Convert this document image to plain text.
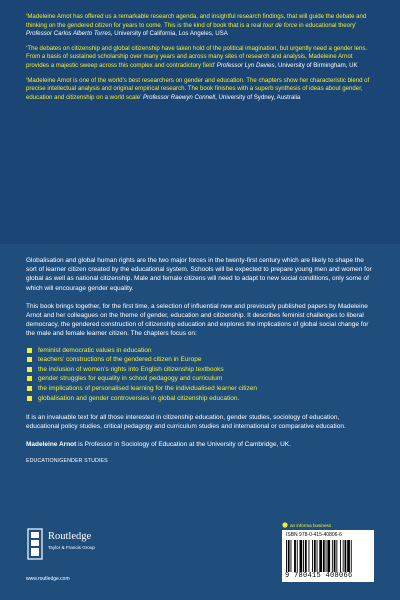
‘Madeleine Arnot has offered us a remarkable research agenda, and insightful research findings, that will guide the debate and thinking on the gendered citizen for years to come. This is the kind of book that is a real tour de force in educational theory’ Professor Carlos Alberto Torres, University of California, Los Angeles, USA
‘The debates on citizenship and global citizenship have taken hold of the political imagination, but urgently need a gender lens. From a basis of sustained scholarship over many years and across many sites of research and analysis, Madeleine Arnot provides a majestic sweep across this complex and contradictory field’ Professor Lyn Davies, University of Birmingham, UK
‘Madeleine Arnot is one of the world’s best researchers on gender and education. The chapters show her characteristic blend of precise intellectual analysis and original empirical research. The book finishes with a superb synthesis of ideas about gender, education and citizenship on a world scale’ Professor Raewyn Connell, University of Sydney, Australia

Globalisation and global human rights are the two major forces in the twenty-first century which are likely to shape the sort of learner citizen created by the educational system. Schools will be expected to prepare young men and women for global as well as national citizenship. Male and female citizens will need to adapt to new social conditions, only some of which will encourage gender equality.

This book brings together, for the first time, a selection of influential new and previously published papers by Madeleine Arnot and her colleagues on the theme of gender, education and citizenship. It describes feminist challenges to liberal democracy, the gendered construction of citizenship education and explores the implications of global social change for the male and female learner citizen. The chapters focus on:

feminist democratic values in education
teachers’ constructions of the gendered citizen in Europe
the inclusion of women’s rights into English citizenship textbooks
gender struggles for equality in school pedagogy and curriculum
the implications of personalised learning for the individualised learner citizen
globalisation and gender controversies in global citizenship education.

It is an invaluable text for all those interested in citizenship education, gender studies, sociology of education, educational policy studies, critical pedagogy and curriculum studies and international or comparative education.

Madeleine Arnot is Professor in Sociology of Education at the University of Cambridge, UK.

EDUCATION/GENDER STUDIES
Routledge
Taylor & Francis Group
www.routledge.com
an informa business
ISBN 978-0-415-40806-6
9 780415 408066
